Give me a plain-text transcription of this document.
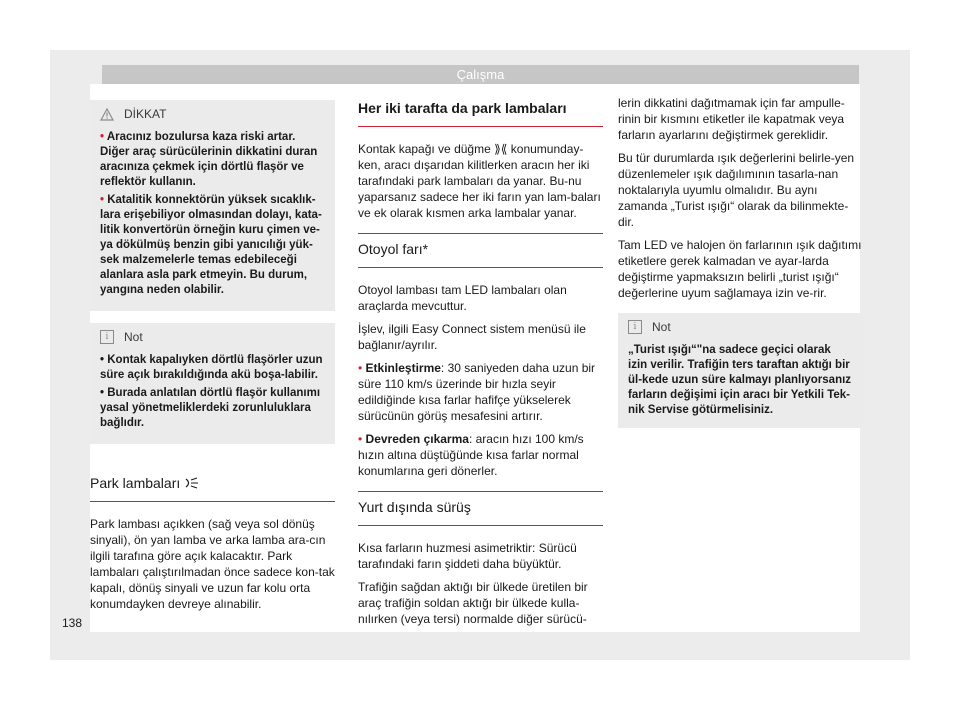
Çalışma
DİKKAT
• Aracınız bozulursa kaza riski artar. Diğer araç sürücülerinin dikkatini duran aracınıza çekmek için dörtlü flaşör ve reflektör kullanın.
• Katalitik konnektörün yüksek sıcaklık-lara erişebiliyor olmasından dolayı, kata-litik konvertörün örneğin kuru çimen ve-ya dökülmüş benzin gibi yanıcılığı yük-sek malzemelerle temas edebileceği alanlara asla park etmeyin. Bu durum, yangına neden olabilir.
i	Not
• Kontak kapalıyken dörtlü flaşörler uzun süre açık bırakıldığında akü boşa-labilir.
• Burada anlatılan dörtlü flaşör kullanımı yasal yönetmeliklerdeki zorunluluklara bağlıdır.
Park lambaları

Park lambası açıkken (sağ veya sol dönüş sinyali), ön yan lamba ve arka lamba ara-cın ilgili tarafına göre açık kalacaktır. Park lambaları çalıştırılmadan önce sadece kon-tak kapalı, dönüş sinyali ve uzun far kolu orta konumdayken devreye alınabilir.

Her iki tarafta da park lambaları

Kontak kapağı ve düğme ⟫⟪ konumunday-ken, aracı dışarıdan kilitlerken aracın her iki tarafındaki park lambaları da yanar. Bu-nu yaparsanız sadece her iki farın yan lam-baları ve ek olarak kısmen arka lambalar yanar.

Otoyol farı*

Otoyol lambası tam LED lambaları olan araçlarda mevcuttur.

İşlev, ilgili Easy Connect sistem menüsü ile bağlanır/ayrılır.

• Etkinleştirme: 30 saniyeden daha uzun bir süre 110 km/s üzerinde bir hızla seyir edildiğinde kısa farlar hafifçe yükselerek sürücünün görüş mesafesini artırır.

• Devreden çıkarma: aracın hızı 100 km/s hızın altına düştüğünde kısa farlar normal konumlarına geri dönerler.

Yurt dışında sürüş

Kısa farların huzmesi asimetriktir: Sürücü tarafındaki farın şiddeti daha büyüktür.

Trafiğin sağdan aktığı bir ülkede üretilen bir araç trafiğin soldan aktığı bir ülkede kulla-nılırken (veya tersi) normalde diğer sürücü-

lerin dikkatini dağıtmamak için far ampulle-rinin bir kısmını etiketler ile kapatmak veya farların ayarlarını değiştirmek gereklidir.

Bu tür durumlarda ışık değerlerini belirle-yen düzenlemeler ışık dağılımının tasarla-nan noktalarıyla uyumlu olmalıdır. Bu aynı zamanda „Turist ışığı“ olarak da bilinmekte-dir.

Tam LED ve halojen ön farlarının ışık dağıtımı etiketlere gerek kalmadan ve ayar-larda değiştirme yapmaksızın belirli „turist ışığı“ değerlerine uyum sağlamaya izin ve-rir.

i	Not
„Turist ışığı“ʺna sadece geçici olarak izin verilir. Trafiğin ters taraftan aktığı bir ül-kede uzun süre kalmayı planlıyorsanız farların değişimi için aracı bir Yetkili Tek-nik Servise götürmelisiniz.
138
